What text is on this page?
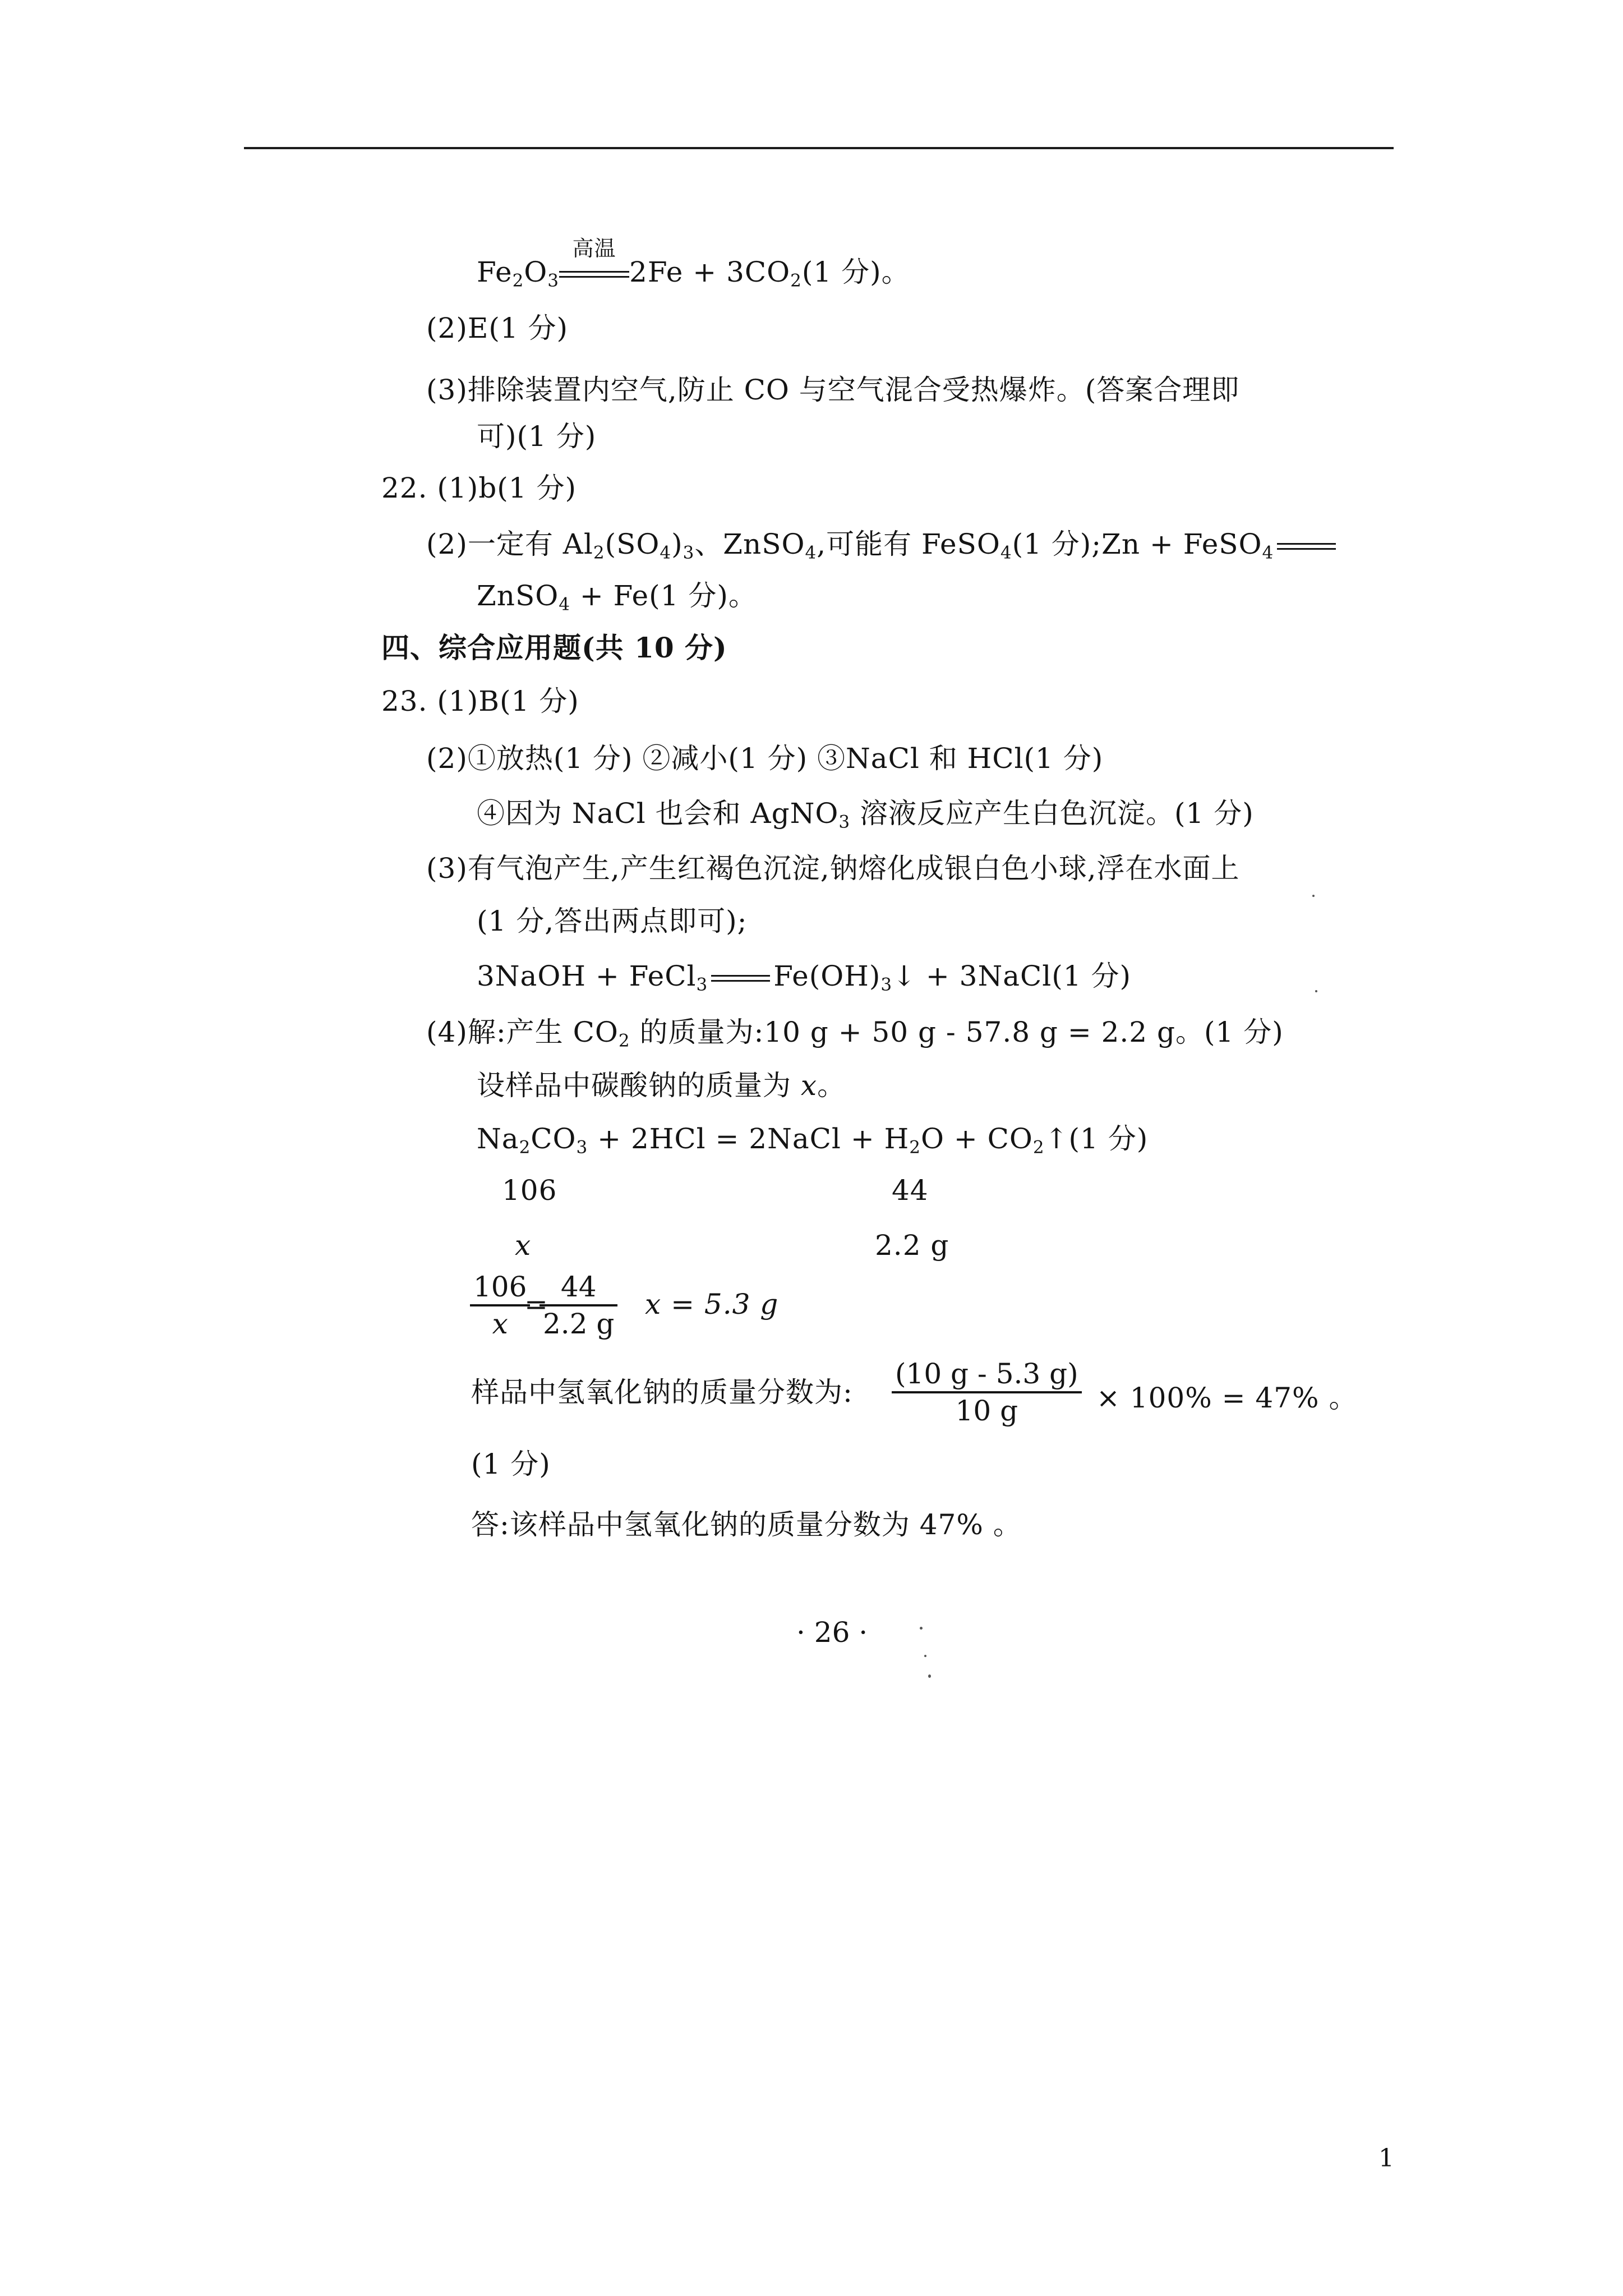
$Fe_2O_3$
高温
$2Fe + 3CO_2(1$ 分)。
(2)E(1 分)
(3)排除装置内空气,防止 CO 与空气混合受热爆炸。(答案合理即
可)(1 分)
22. (1)b(1 分)
(2)一定有 $Al_2(SO_4)_3$、ZnSO$_4$,可能有 FeSO$_4$(1 分);Zn + FeSO$_4$
ZnSO$_4$ + Fe(1 分)。
四、综合应用题(共 10 分)
23. (1)B(1 分)
(2)①放热(1 分) ②减小(1 分) ③NaCl 和 HCl(1 分)
④因为 NaCl 也会和 AgNO$_3$ 溶液反应产生白色沉淀。(1 分)
(3)有气泡产生,产生红褐色沉淀,钠熔化成银白色小球,浮在水面上
(1 分,答出两点即可);
3NaOH + FeCl$_3$ $Fe(OH)_3↓$ + 3NaCl(1 分)
(4)解:产生 $CO_2$ 的质量为:10 g + 50 g - 57.8 g = 2.2 g。(1 分)
设样品中碳酸钠的质量为 x。
$Na_2CO_3 + 2HCl$ = 2NaCl + $H_2O$ + $CO_2↑(1$ 分)
106	44
x	2.2 g
$\frac{106}{x}$
=
$\frac{44}{2.2 g}$ x = 5.3 g
样品中氢氧化钠的质量分数为: $\frac{(10 g - 5.3 g)}{10 g} \times 100\% = 47\%$ 。
(1 分)
答:该样品中氢氧化钠的质量分数为 47% 。
· 26 ·
1
